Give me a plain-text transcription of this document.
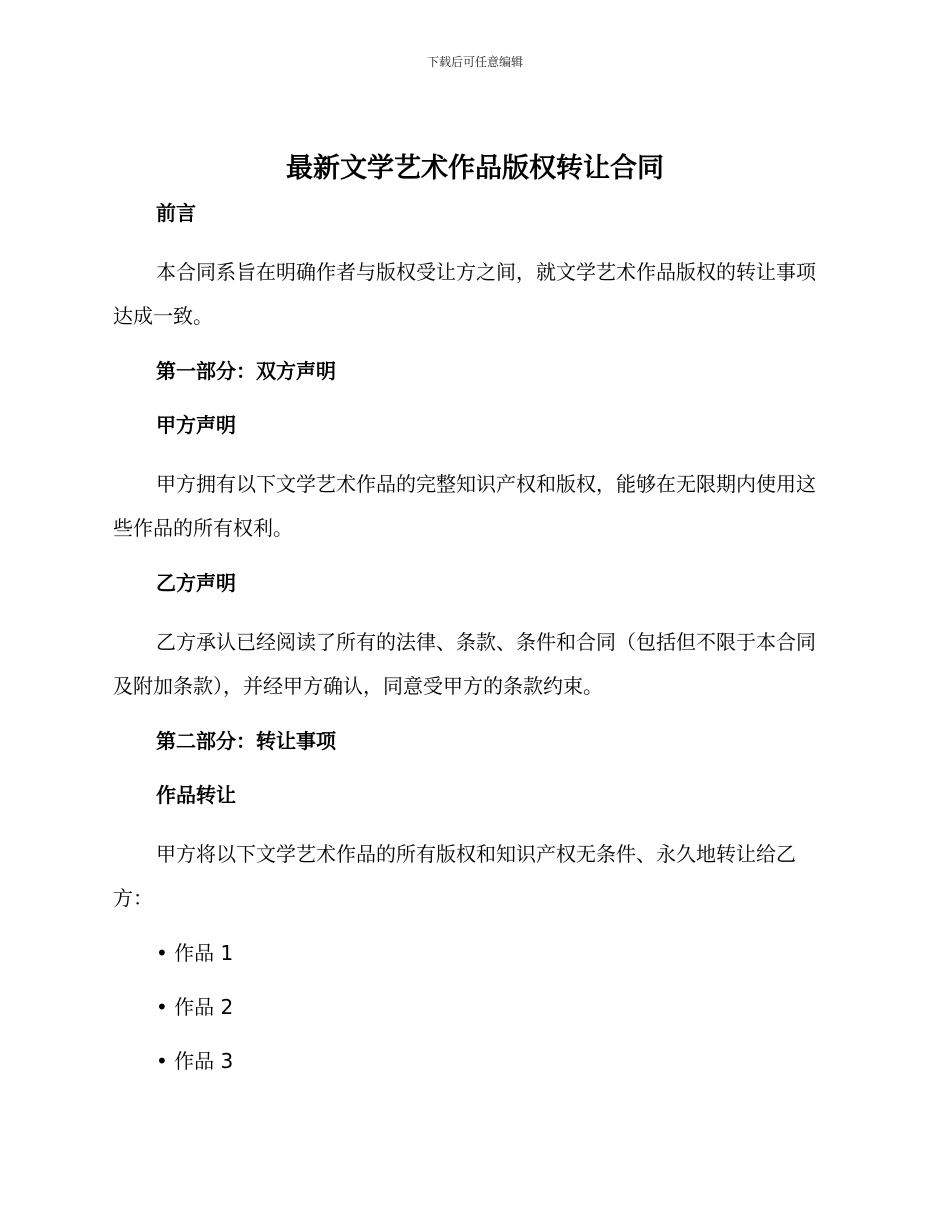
下载后可任意编辑
最新文学艺术作品版权转让合同

前言

本合同系旨在明确作者与版权受让方之间，就文学艺术作品版权的转让事项达成一致。

第一部分：双方声明

甲方声明

甲方拥有以下文学艺术作品的完整知识产权和版权，能够在无限期内使用这些作品的所有权利。

乙方声明

乙方承认已经阅读了所有的法律、条款、条件和合同（包括但不限于本合同及附加条款），并经甲方确认，同意受甲方的条款约束。

第二部分：转让事项

作品转让

甲方将以下文学艺术作品的所有版权和知识产权无条件、永久地转让给乙方：

• 作品 1

• 作品 2

• 作品 3
